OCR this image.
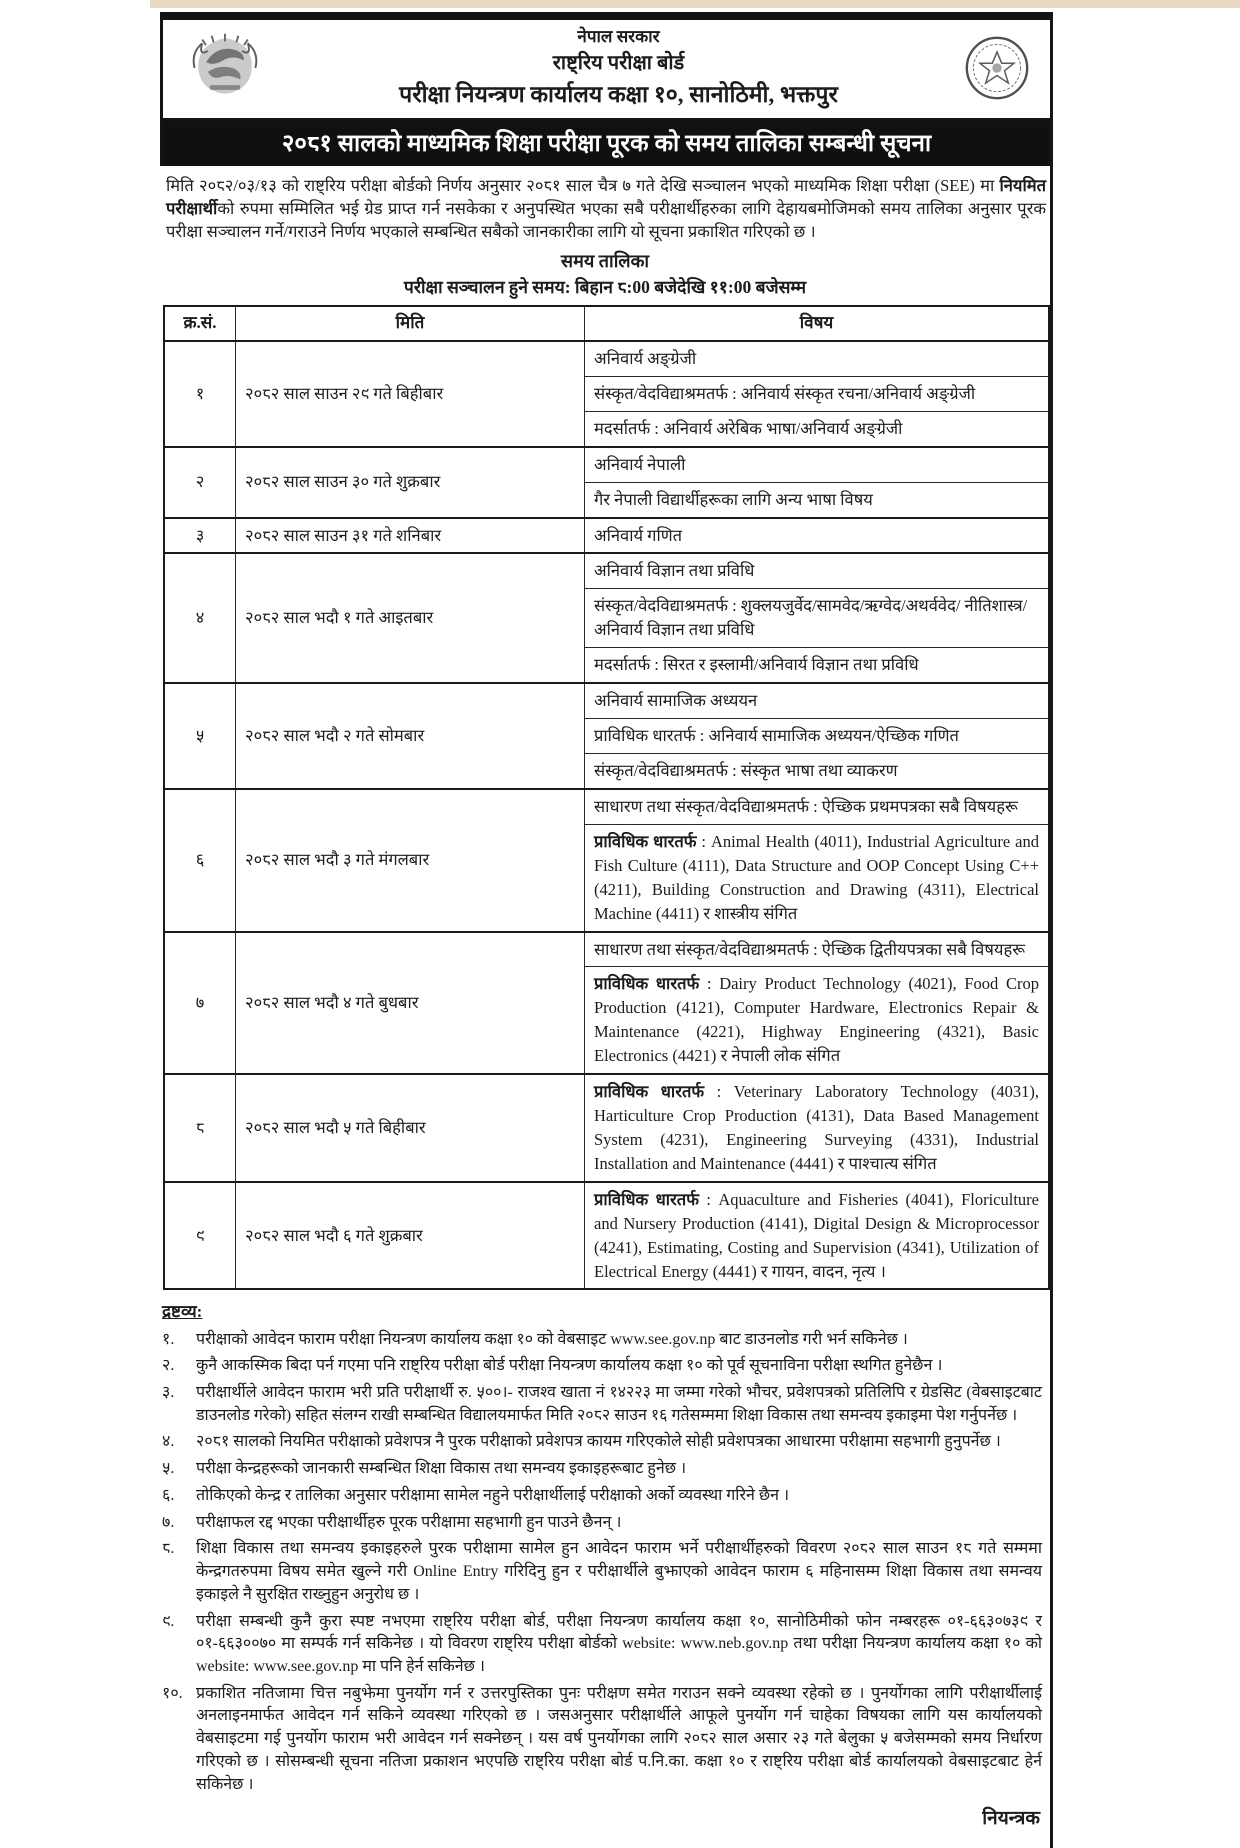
नेपाल सरकार
राष्ट्रिय परीक्षा बोर्ड
परीक्षा नियन्त्रण कार्यालय कक्षा १०, सानोठिमी, भक्तपुर
२०८१ सालको माध्यमिक शिक्षा परीक्षा पूरक को समय तालिका सम्बन्धी सूचना

मिति २०८२/०३/१३ को राष्ट्रिय परीक्षा बोर्डको निर्णय अनुसार २०८१ साल चैत्र ७ गते देखि सञ्चालन भएको माध्यमिक शिक्षा परीक्षा (SEE) मा नियमित परीक्षार्थीको रुपमा सम्मिलित भई ग्रेड प्राप्त गर्न नसकेका र अनुपस्थित भएका सबै परीक्षार्थीहरुका लागि देहायबमोजिमको समय तालिका अनुसार पूरक परीक्षा सञ्चालन गर्ने/गराउने निर्णय भएकाले सम्बन्धित सबैको जानकारीका लागि यो सूचना प्रकाशित गरिएको छ ।

समय तालिका
परीक्षा सञ्चालन हुने समय: बिहान ८:00 बजेदेखि ११:00 बजेसम्म
क्र.सं.	मिति	विषय
१	२०८२ साल साउन २९ गते बिहीबार	अनिवार्य अङ्ग्रेजी
		संस्कृत/वेदविद्याश्रमतर्फ : अनिवार्य संस्कृत रचना/अनिवार्य अङ्ग्रेजी
		मदर्सातर्फ : अनिवार्य अरेबिक भाषा/अनिवार्य अङ्ग्रेजी
२	२०८२ साल साउन ३० गते शुक्रबार	अनिवार्य नेपाली
		गैर नेपाली विद्यार्थीहरूका लागि अन्य भाषा विषय
३	२०८२ साल साउन ३१ गते शनिबार	अनिवार्य गणित
४	२०८२ साल भदौ १ गते आइतबार	अनिवार्य विज्ञान तथा प्रविधि
		संस्कृत/वेदविद्याश्रमतर्फ : शुक्लयजुर्वेद/सामवेद/ऋग्वेद/अथर्ववेद/ नीतिशास्त्र/अनिवार्य विज्ञान तथा प्रविधि
		मदर्सातर्फ : सिरत र इस्लामी/अनिवार्य विज्ञान तथा प्रविधि
५	२०८२ साल भदौ २ गते सोमबार	अनिवार्य सामाजिक अध्ययन
		प्राविधिक धारतर्फ : अनिवार्य सामाजिक अध्ययन/ऐच्छिक गणित
		संस्कृत/वेदविद्याश्रमतर्फ : संस्कृत भाषा तथा व्याकरण
६	२०८२ साल भदौ ३ गते मंगलबार	साधारण तथा संस्कृत/वेदविद्याश्रमतर्फ : ऐच्छिक प्रथमपत्रका सबै विषयहरू

		प्राविधिक धारतर्फ : Animal Health (4011), Industrial Agriculture and Fish Culture (4111), Data Structure and OOP Concept Using C++ (4211), Building Construction and Drawing (4311), Electrical Machine (4411) र शास्त्रीय संगित

७	२०८२ साल भदौ ४ गते बुधबार	साधारण तथा संस्कृत/वेदविद्याश्रमतर्फ : ऐच्छिक द्वितीयपत्रका सबै विषयहरू

		प्राविधिक धारतर्फ : Dairy Product Technology (4021), Food Crop Production (4121), Computer Hardware, Electronics Repair & Maintenance (4221), Highway Engineering (4321), Basic Electronics (4421) र नेपाली लोक संगित

८	२०८२ साल भदौ ५ गते बिहीबार	प्राविधिक धारतर्फ : Veterinary Laboratory Technology (4031), Harticulture Crop Production (4131), Data Based Management System (4231), Engineering Surveying (4331), Industrial Installation and Maintenance (4441) र पाश्चात्य संगित

९	२०८२ साल भदौ ६ गते शुक्रबार	प्राविधिक धारतर्फ : Aquaculture and Fisheries (4041), Floriculture and Nursery Production (4141), Digital Design & Microprocessor (4241), Estimating, Costing and Supervision (4341), Utilization of Electrical Energy (4441) र गायन, वादन, नृत्य ।
द्रष्टव्य:
१.	परीक्षाको आवेदन फाराम परीक्षा नियन्त्रण कार्यालय कक्षा १० को वेबसाइट www.see.gov.np बाट डाउनलोड गरी भर्न सकिनेछ ।
२.	कुनै आकस्मिक बिदा पर्न गएमा पनि राष्ट्रिय परीक्षा बोर्ड परीक्षा नियन्त्रण कार्यालय कक्षा १० को पूर्व सूचनाविना परीक्षा स्थगित हुनेछैन ।
३.	परीक्षार्थीले आवेदन फाराम भरी प्रति परीक्षार्थी रु. ५००।- राजश्व खाता नं १४२२३ मा जम्मा गरेको भौचर, प्रवेशपत्रको प्रतिलिपि र ग्रेडसिट (वेबसाइटबाट डाउनलोड गरेको) सहित संलग्न राखी सम्बन्धित विद्यालयमार्फत मिति २०८२ साउन १६ गतेसम्ममा शिक्षा विकास तथा समन्वय इकाइमा पेश गर्नुपर्नेछ ।
४.	२०८१ सालको नियमित परीक्षाको प्रवेशपत्र नै पुरक परीक्षाको प्रवेशपत्र कायम गरिएकोले सोही प्रवेशपत्रका आधारमा परीक्षामा सहभागी हुनुपर्नेछ ।
५.	परीक्षा केन्द्रहरूको जानकारी सम्बन्धित शिक्षा विकास तथा समन्वय इकाइहरूबाट हुनेछ ।
६.	तोकिएको केन्द्र र तालिका अनुसार परीक्षामा सामेल नहुने परीक्षार्थीलाई परीक्षाको अर्को व्यवस्था गरिने छैन ।
७.	परीक्षाफल रद्द भएका परीक्षार्थीहरु पूरक परीक्षामा सहभागी हुन पाउने छैनन् ।
८.	शिक्षा विकास तथा समन्वय इकाइहरुले पुरक परीक्षामा सामेल हुन आवेदन फाराम भर्ने परीक्षार्थीहरुको विवरण २०८२ साल साउन १८ गते सम्ममा केन्द्रगतरुपमा विषय समेत खुल्ने गरी Online Entry गरिदिनु हुन र परीक्षार्थीले बुझाएको आवेदन फाराम ६ महिनासम्म शिक्षा विकास तथा समन्वय इकाइले नै सुरक्षित राख्नुहुन अनुरोध छ ।
९.	परीक्षा सम्बन्धी कुनै कुरा स्पष्ट नभएमा राष्ट्रिय परीक्षा बोर्ड, परीक्षा नियन्त्रण कार्यालय कक्षा १०, सानोठिमीको फोन नम्बरहरू ०१-६६३०७३९ र ०१-६६३००७० मा सम्पर्क गर्न सकिनेछ । यो विवरण राष्ट्रिय परीक्षा बोर्डको website: www.neb.gov.np तथा परीक्षा नियन्त्रण कार्यालय कक्षा १० को website: www.see.gov.np मा पनि हेर्न सकिनेछ ।
१०. प्रकाशित नतिजामा चित्त नबुझेमा पुनर्योग गर्न र उत्तरपुस्तिका पुनः परीक्षण समेत गराउन सक्ने व्यवस्था रहेको छ । पुनर्योगका लागि परीक्षार्थीलाई अनलाइनमार्फत आवेदन गर्न सकिने व्यवस्था गरिएको छ । जसअनुसार परीक्षार्थीले आफूले पुनर्योग गर्न चाहेका विषयका लागि यस कार्यालयको वेबसाइटमा गई पुनर्योग फाराम भरी आवेदन गर्न सक्नेछन् । यस वर्ष पुनर्योगका लागि २०८२ साल असार २३ गते बेलुका ५ बजेसम्मको समय निर्धारण गरिएको छ । सोसम्बन्धी सूचना नतिजा प्रकाशन भएपछि राष्ट्रिय परीक्षा बोर्ड प.नि.का. कक्षा १० र राष्ट्रिय परीक्षा बोर्ड कार्यालयको वेबसाइटबाट हेर्न सकिनेछ ।
नियन्त्रक
